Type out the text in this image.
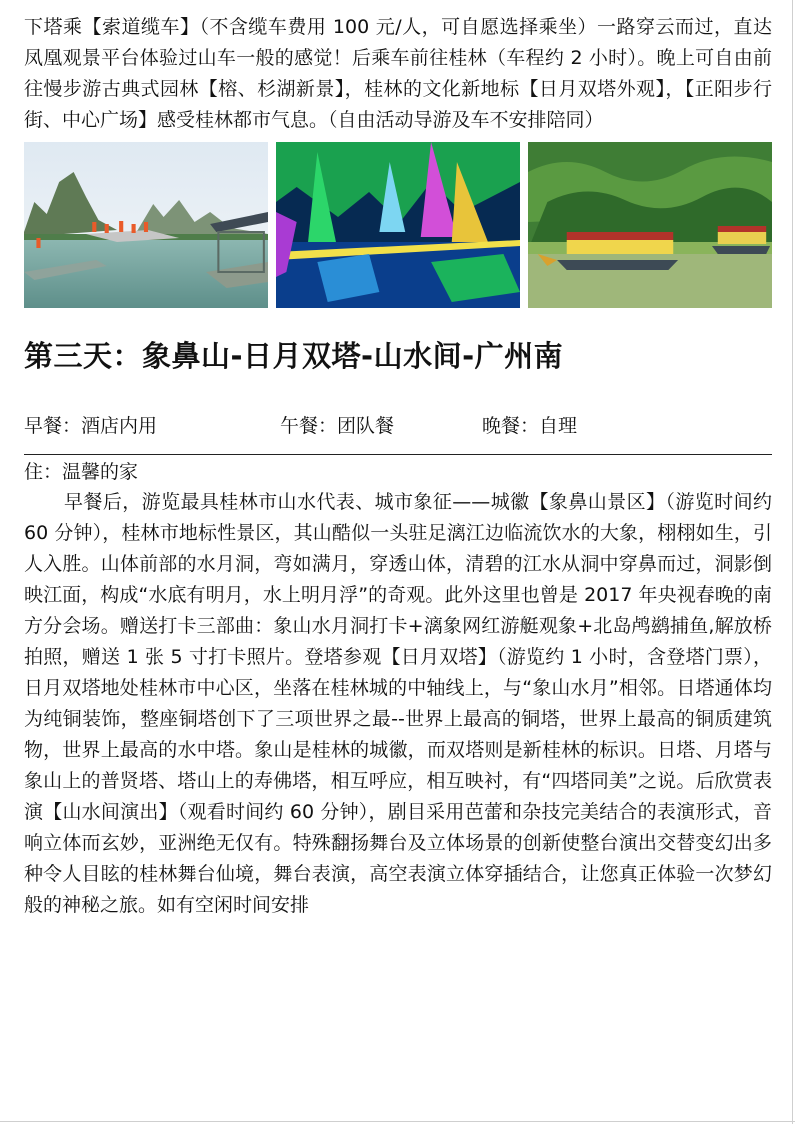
下塔乘【索道缆车】（不含缆车费用 100 元/人，可自愿选择乘坐）一路穿云而过，直达凤凰观景平台体验过山车一般的感觉！后乘车前往桂林（车程约 2 小时）。晚上可自由前往慢步游古典式园林【榕、杉湖新景】，桂林的文化新地标【日月双塔外观】，【正阳步行街、中心广场】感受桂林都市气息。（自由活动导游及车不安排陪同）

第三天：象鼻山-日月双塔-山水间-广州南
早餐：酒店内用	午餐：团队餐	晚餐：自理
住：温馨的家

早餐后，游览最具桂林市山水代表、城市象征——城徽【象鼻山景区】（游览时间约 60 分钟），桂林市地标性景区，其山酷似一头驻足漓江边临流饮水的大象，栩栩如生，引人入胜。山体前部的水月洞，弯如满月，穿透山体，清碧的江水从洞中穿鼻而过，洞影倒映江面，构成“水底有明月，水上明月浮”的奇观。此外这里也曾是 2017 年央视春晚的南方分会场。赠送打卡三部曲：象山水月洞打卡+漓象网红游艇观象+北岛鸬鹚捕鱼,解放桥拍照，赠送 1 张 5 寸打卡照片。登塔参观【日月双塔】（游览约 1 小时，含登塔门票），日月双塔地处桂林市中心区，坐落在桂林城的中轴线上，与“象山水月”相邻。日塔通体均为纯铜装饰，整座铜塔创下了三项世界之最--世界上最高的铜塔，世界上最高的铜质建筑物，世界上最高的水中塔。象山是桂林的城徽，而双塔则是新桂林的标识。日塔、月塔与象山上的普贤塔、塔山上的寿佛塔，相互呼应，相互映衬，有“四塔同美”之说。后欣赏表演【山水间演出】（观看时间约 60 分钟），剧目采用芭蕾和杂技完美结合的表演形式，音响立体而玄妙，亚洲绝无仅有。特殊翻扬舞台及立体场景的创新使整台演出交替变幻出多种令人目眩的桂林舞台仙境，舞台表演，高空表演立体穿插结合，让您真正体验一次梦幻般的神秘之旅。如有空闲时间安排
